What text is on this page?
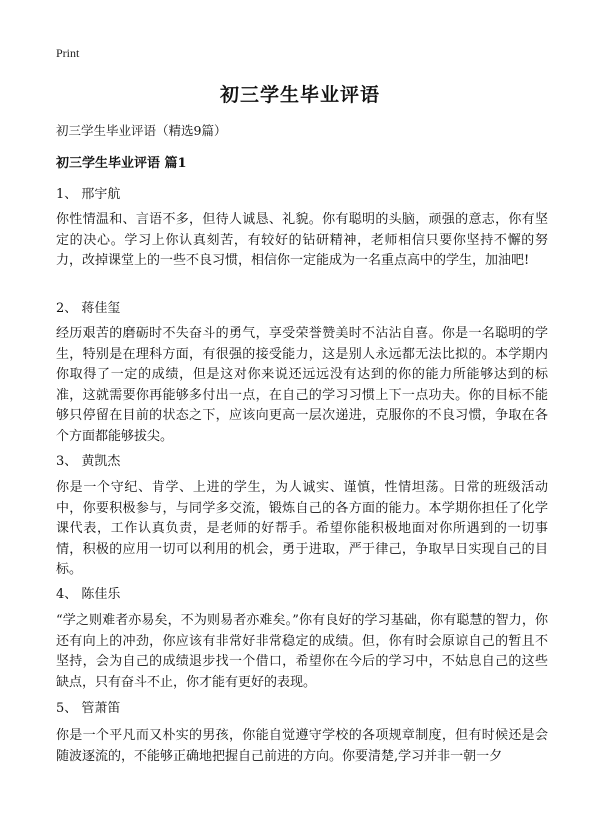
Print
初三学生毕业评语
初三学生毕业评语（精选9篇）
初三学生毕业评语 篇1
1、 邢宇航

你性情温和、言语不多，但待人诚恳、礼貌。你有聪明的头脑，顽强的意志，你有坚定的决心。学习上你认真刻苦，有较好的钻研精神，老师相信只要你坚持不懈的努力，改掉课堂上的一些不良习惯，相信你一定能成为一名重点高中的学生，加油吧!

2、 蒋佳玺

经历艰苦的磨砺时不失奋斗的勇气，享受荣誉赞美时不沾沾自喜。你是一名聪明的学生，特别是在理科方面，有很强的接受能力，这是别人永远都无法比拟的。本学期内你取得了一定的成绩，但是这对你来说还远远没有达到的你的能力所能够达到的标准，这就需要你再能够多付出一点，在自己的学习习惯上下一点功夫。你的目标不能够只停留在目前的状态之下，应该向更高一层次递进，克服你的不良习惯，争取在各个方面都能够拔尖。

3、 黄凯杰

你是一个守纪、肯学、上进的学生，为人诚实、谨慎，性情坦荡。日常的班级活动中，你要积极参与，与同学多交流，锻炼自己的各方面的能力。本学期你担任了化学课代表，工作认真负责，是老师的好帮手。希望你能积极地面对你所遇到的一切事情，积极的应用一切可以利用的机会，勇于进取，严于律己，争取早日实现自己的目标。

4、 陈佳乐

“学之则难者亦易矣，不为则易者亦难矣。”你有良好的学习基础，你有聪慧的智力，你还有向上的冲劲，你应该有非常好非常稳定的成绩。但，你有时会原谅自己的暂且不坚持，会为自己的成绩退步找一个借口，希望你在今后的学习中，不姑息自己的这些缺点，只有奋斗不止，你才能有更好的表现。

5、 管萧笛

你是一个平凡而又朴实的男孩，你能自觉遵守学校的各项规章制度，但有时候还是会随波逐流的，不能够正确地把握自己前进的方向。你要清楚,学习并非一朝一夕
